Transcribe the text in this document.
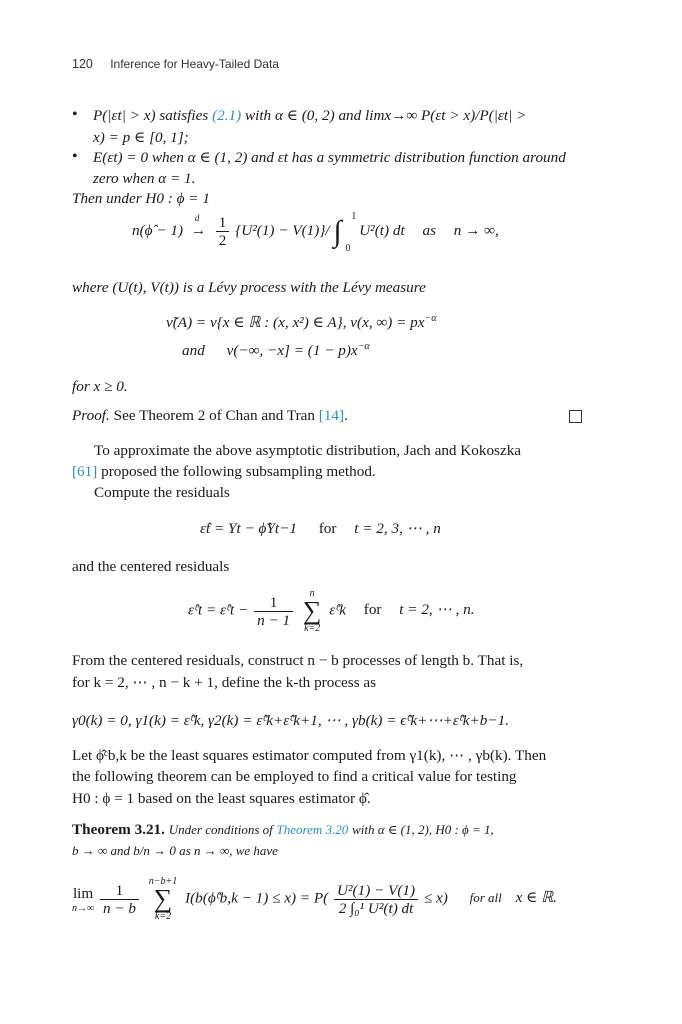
120 Inference for Heavy-Tailed Data
• P(|εt| > x) satisfies (2.1) with α ∈ (0, 2) and limx→∞ P(εt > x)/P(|εt| >
x) = p ∈ [0, 1];
• E(εt) = 0 when α ∈ (1, 2) and εt has a symmetric distribution function around
zero when α = 1.
Then under H0 : ϕ = 1
n(ϕ̂ − 1)
d
→ $\frac{1}{2} \{U^2(1) - V(1)\}/$ ∫ 1
0
U²(t) dt as n → ∞,
where (U(t), V(t)) is a Lévy process with the Lévy measure
ν̃(A) = ν{x ∈ ℝ : (x, x²) ∈ A}, ν(x, ∞) = $px^{-\alpha}$
and ν(−∞, $-x] = (1 - p)x^{-\alpha}$
for x ≥ 0.
Proof. See Theorem 2 of Chan and Tran [14].
To approximate the above asymptotic distribution, Jach and Kokoszka
[61] proposed the following subsampling method.
Compute the residuals
ε̂t = Yt − ϕ̂Yt−1 for t = 2, 3, ⋯ , n
and the centered residuals
ε̂ᶜt = ε̂ᶜt − $\frac{1}{n - 1}$
	n
∑
k=2
ε̂ᶜk for t = 2, ⋯ , n.
From the centered residuals, construct n − b processes of length b. That is,
for k = 2, ⋯ , n − k + 1, define the k-th process as
γ0(k) = 0, γ1(k) = ε̂ᶜk, γ2(k) = ε̂ᶜk+ε̂ᶜk+1, ⋯ , γb(k) = ϵ̂ᶜk+⋯+ε̂ᶜk+b−1.
Let ϕ̂ᶜb,k be the least squares estimator computed from γ1(k), ⋯ , γb(k). Then
the following theorem can be employed to find a critical value for testing
H0 : ϕ = 1 based on the least squares estimator ϕ̂.
Theorem 3.21. Under conditions of Theorem 3.20 with α ∈ (1, 2), H0 : ϕ = 1,
b → ∞ and b/n → 0 as n → ∞, we have
lim
n→∞
$\frac{1}{n - b}$
n−b+1
∑
k=2
I(b(ϕ̂ᶜb,k − $1) \le x) = P( \frac{\text{U²(1) − V(1)}}{\text{2 ∫₀¹ U²(t) dt}} \le x)$ for all x ∈ ℝ.
